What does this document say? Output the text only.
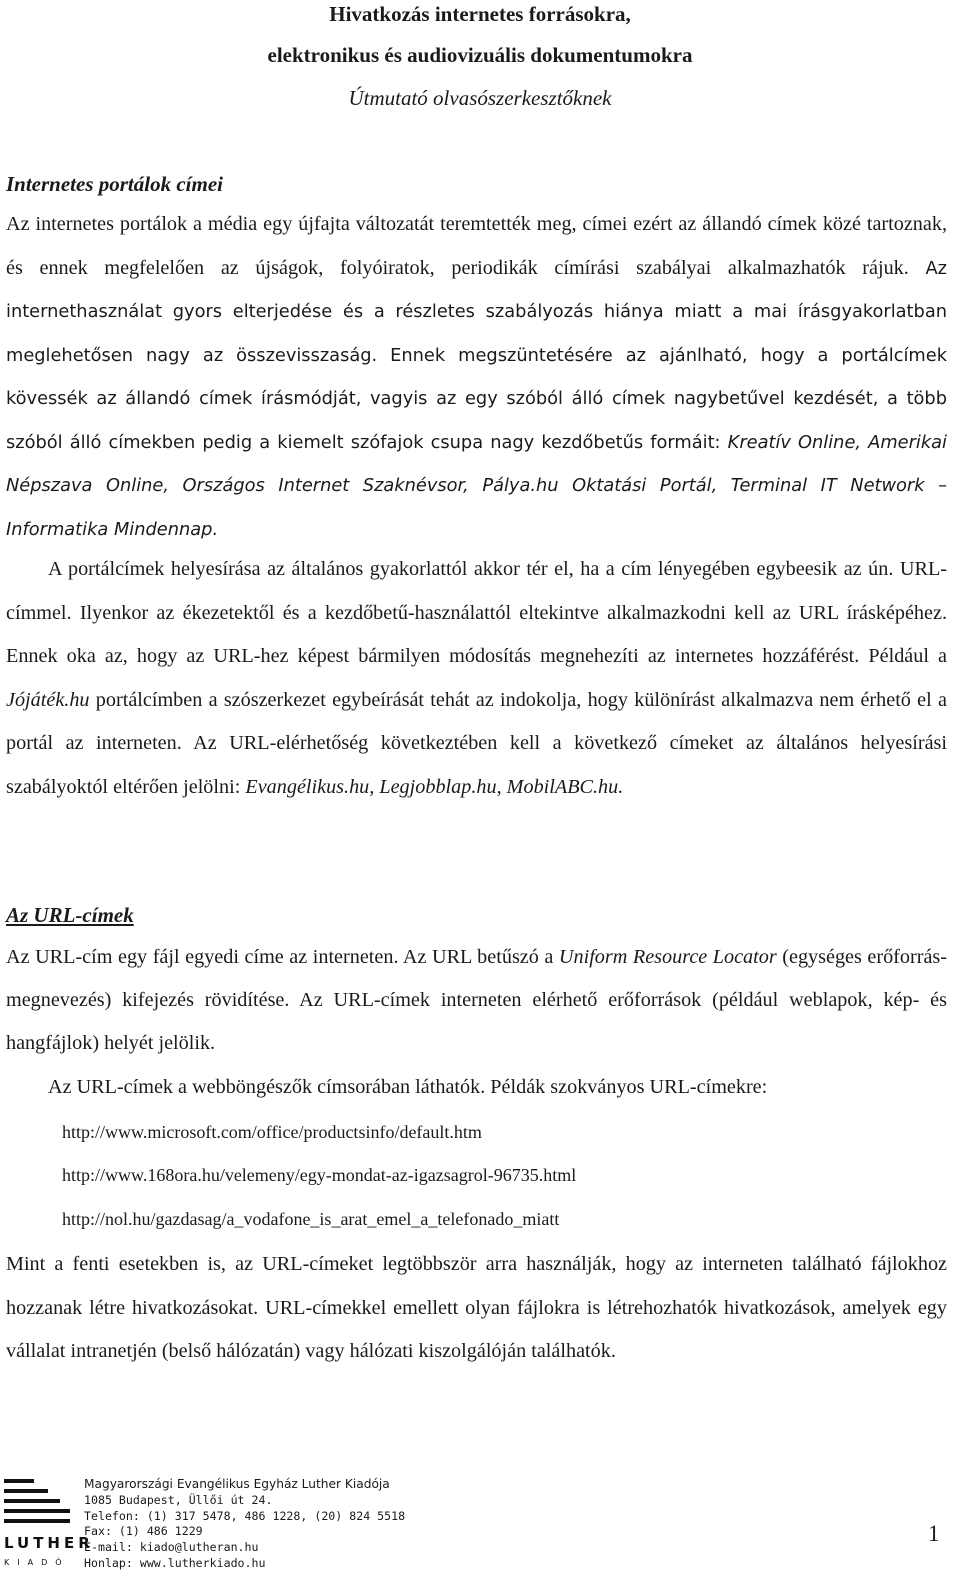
Hivatkozás internetes forrásokra,
elektronikus és audiovizuális dokumentumokra
Útmutató olvasószerkesztőknek
Internetes portálok címei

Az internetes portálok a média egy újfajta változatát teremtették meg, címei ezért az állandó címek közé tartoznak, és ennek megfelelően az újságok, folyóiratok, periodikák címírási szabályai alkalmazhatók rájuk. Az internethasználat gyors elterjedése és a részletes szabályozás hiánya miatt a mai írásgyakorlatban meglehetősen nagy az összevisszaság. Ennek megszüntetésére az ajánlható, hogy a portálcímek kövessék az állandó címek írásmódját, vagyis az egy szóból álló címek nagybetűvel kezdését, a több szóból álló címekben pedig a kiemelt szófajok csupa nagy kezdőbetűs formáit: Kreatív Online, Amerikai Népszava Online, Országos Internet Szaknévsor, Pálya.hu Oktatási Portál, Terminal IT Network – Informatika Mindennap.

A portálcímek helyesírása az általános gyakorlattól akkor tér el, ha a cím lényegében egybeesik az ún. URL-címmel. Ilyenkor az ékezetektől és a kezdőbetű-használattól eltekintve alkalmazkodni kell az URL írásképéhez. Ennek oka az, hogy az URL-hez képest bármilyen módosítás megnehezíti az internetes hozzáférést. Például a Jójáték.hu portálcímben a szószerkezet egybeírását tehát az indokolja, hogy különírást alkalmazva nem érhető el a portál az interneten. Az URL-elérhetőség következtében kell a következő címeket az általános helyesírási szabályoktól eltérően jelölni: Evangélikus.hu, Legjobblap.hu, MobilABC.hu.

Az URL-címek

Az URL-cím egy fájl egyedi címe az interneten. Az URL betűszó a Uniform Resource Locator (egységes erőforrás-megnevezés) kifejezés rövidítése. Az URL-címek interneten elérhető erőforrások (például weblapok, kép- és hangfájlok) helyét jelölik.

Az URL-címek a webböngészők címsorában láthatók. Példák szokványos URL-címekre:

http://www.microsoft.com/office/productsinfo/default.htm
http://www.168ora.hu/velemeny/egy-mondat-az-igazsagrol-96735.html
http://nol.hu/gazdasag/a_vodafone_is_arat_emel_a_telefonado_miatt

Mint a fenti esetekben is, az URL-címeket legtöbbször arra használják, hogy az interneten található fájlokhoz hozzanak létre hivatkozásokat. URL-címekkel emellett olyan fájlokra is létrehozhatók hivatkozások, amelyek egy vállalat intranetjén (belső hálózatán) vagy hálózati kiszolgálóján találhatók.

LUTHER
KIADÓ
Magyarországi Evangélikus Egyház Luther Kiadója
1085 Budapest, Üllői út 24.
Telefon: (1) 317 5478, 486 1228, (20) 824 5518
Fax: (1) 486 1229
E-mail: kiado@lutheran.hu
Honlap: www.lutherkiado.hu
1
